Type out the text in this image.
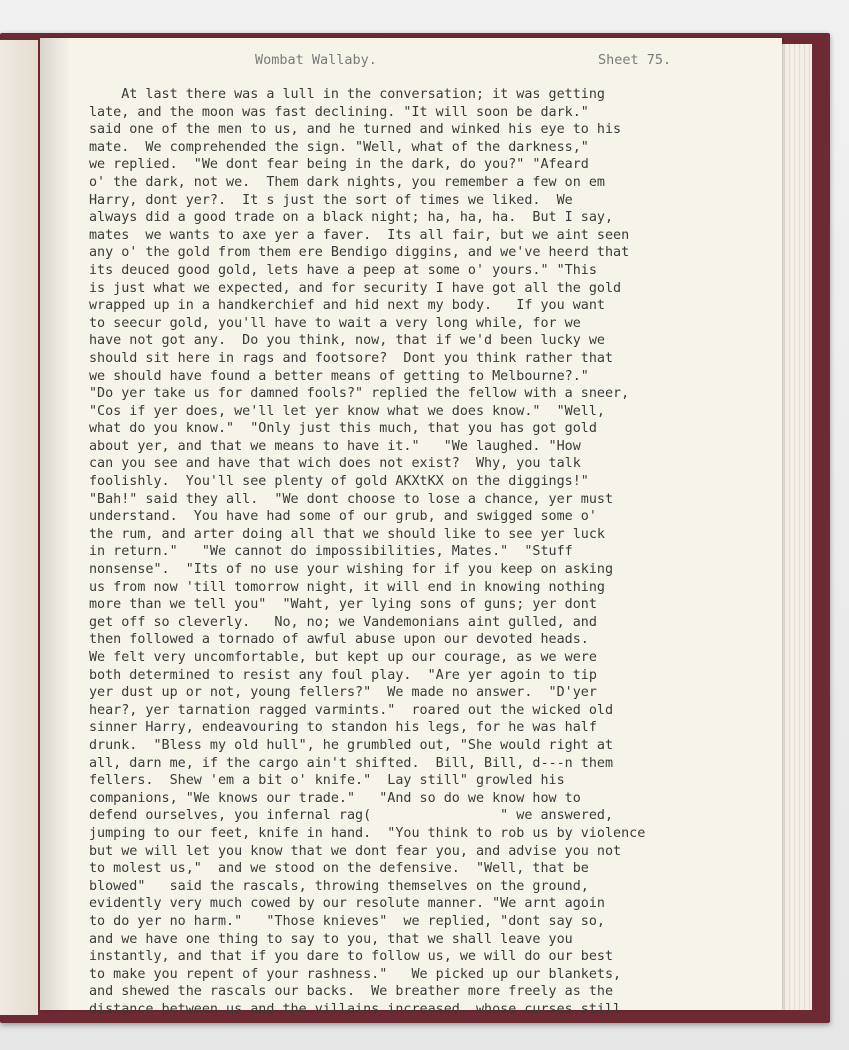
Wombat Wallaby.	Sheet 75.
At last there was a lull in the conversation; it was getting
late, and the moon was fast declining. "It will soon be dark."
said one of the men to us, and he turned and winked his eye to his
mate.  We comprehended the sign. "Well, what of the darkness,"
we replied.  "We dont fear being in the dark, do you?" "Afeard
o' the dark, not we.  Them dark nights, you remember a few on em
Harry, dont yer?.  It s just the sort of times we liked.  We
always did a good trade on a black night; ha, ha, ha.  But I say,
mates  we wants to axe yer a faver.  Its all fair, but we aint seen
any o' the gold from them ere Bendigo diggins, and we've heerd that
its deuced good gold, lets have a peep at some o' yours." "This
is just what we expected, and for security I have got all the gold
wrapped up in a handkerchief and hid next my body.   If you want
to seecur gold, you'll have to wait a very long while, for we
have not got any.  Do you think, now, that if we'd been lucky we
should sit here in rags and footsore?  Dont you think rather that
we should have found a better means of getting to Melbourne?."
"Do yer take us for damned fools?" replied the fellow with a sneer,
"Cos if yer does, we'll let yer know what we does know."  "Well,
what do you know."  "Only just this much, that you has got gold
about yer, and that we means to have it."   "We laughed. "How
can you see and have that wich does not exist?  Why, you talk
foolishly.  You'll see plenty of gold AKXtKX on the diggings!"
"Bah!" said they all.  "We dont choose to lose a chance, yer must
understand.  You have had some of our grub, and swigged some o'
the rum, and arter doing all that we should like to see yer luck
in return."   "We cannot do impossibilities, Mates."  "Stuff
nonsense".  "Its of no use your wishing for if you keep on asking
us from now 'till tomorrow night, it will end in knowing nothing
more than we tell you"  "Waht, yer lying sons of guns; yer dont
get off so cleverly.   No, no; we Vandemonians aint gulled, and
then followed a tornado of awful abuse upon our devoted heads.
We felt very uncomfortable, but kept up our courage, as we were
both determined to resist any foul play.  "Are yer agoin to tip
yer dust up or not, young fellers?"  We made no answer.  "D'yer
hear?, yer tarnation ragged varmints."  roared out the wicked old
sinner Harry, endeavouring to standon his legs, for he was half
drunk.  "Bless my old hull", he grumbled out, "She would right at
all, darn me, if the cargo ain't shifted.  Bill, Bill, d---n them
fellers.  Shew 'em a bit o' knife."  Lay still" growled his
companions, "We knows our trade."   "And so do we know how to
defend ourselves, you infernal rag(                " we answered,
jumping to our feet, knife in hand.  "You think to rob us by violence
but we will let you know that we dont fear you, and advise you not
to molest us,"  and we stood on the defensive.  "Well, that be
blowed"   said the rascals, throwing themselves on the ground,
evidently very much cowed by our resolute manner. "We arnt agoin
to do yer no harm."   "Those knieves"  we replied, "dont say so,
and we have one thing to say to you, that we shall leave you
instantly, and that if you dare to follow us, we will do our best
to make you repent of your rashness."   We picked up our blankets,
and shewed the rascals our backs.  We breather more freely as the
distance between us and the villains increased, whose curses still
